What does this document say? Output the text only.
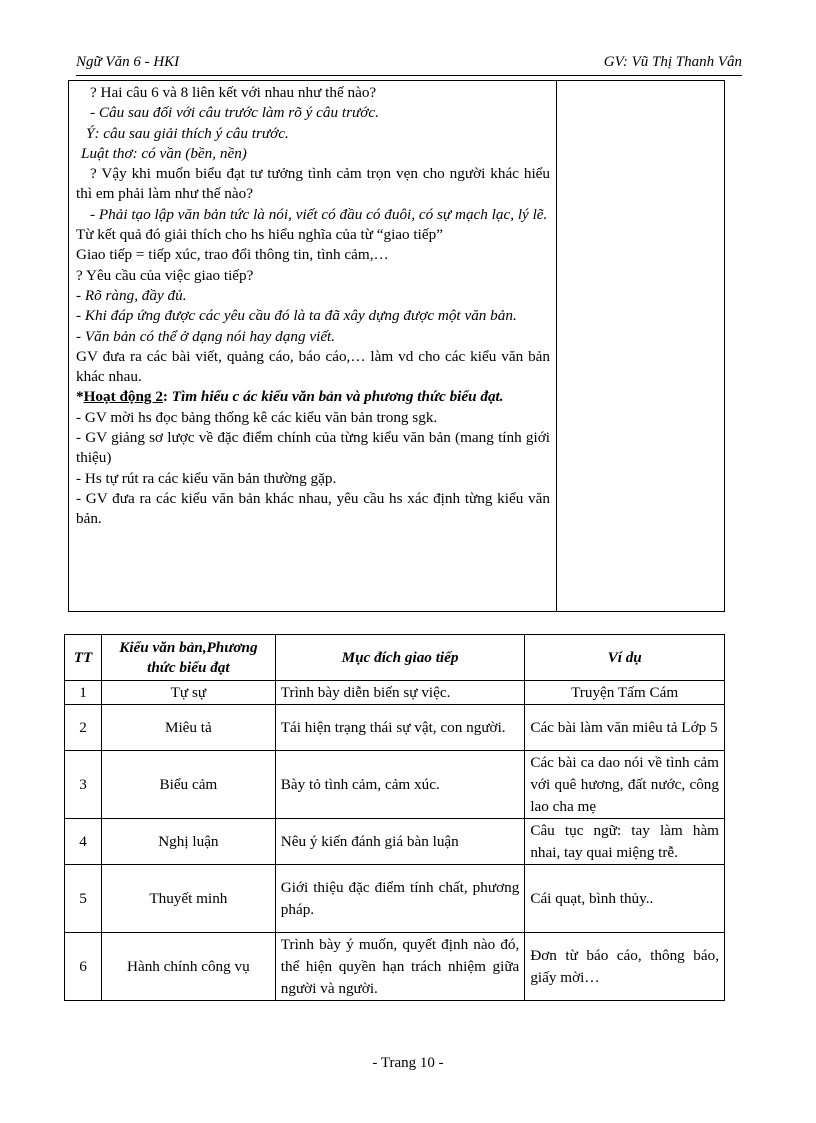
Ngữ Văn 6 - HKI	GV: Vũ Thị Thanh Vân

? Hai câu 6 và 8 liên kết với nhau như thế nào?

- Câu sau đối với câu trước làm rõ ý câu trước.

Ý: câu sau giải thích ý câu trước.

Luật thơ: có vần (bền, nền)

? Vậy khi muốn biểu đạt tư tưởng tình cảm trọn vẹn cho người khác hiểu thì em phải làm như thế nào?

- Phải tạo lập văn bản tức là nói, viết có đầu có đuôi, có sự mạch lạc, lý lẽ.

Từ kết quả đó giải thích cho hs hiểu nghĩa của từ “giao tiếp”

Giao tiếp = tiếp xúc, trao đổi thông tin, tình cảm,…

? Yêu cầu của việc giao tiếp?

- Rõ ràng, đầy đủ.

- Khi đáp ứng được các yêu cầu đó là ta đã xây dựng được một văn bản.

- Văn bản có thể ở dạng nói hay dạng viết.

GV đưa ra các bài viết, quảng cáo, báo cáo,… làm vd cho các kiểu văn bản khác nhau.

*Hoạt động 2: Tìm hiểu c ác kiểu văn bản và phương thức biểu đạt.

- GV mời hs đọc bảng thống kê các kiểu văn bản trong sgk.

- GV giảng sơ lược về đặc điểm chính của từng kiểu văn bản (mang tính giới thiệu)

- Hs tự rút ra các kiểu văn bản thường gặp.

- GV đưa ra các kiểu văn bản khác nhau, yêu cầu hs xác định từng kiểu văn bản.

TT	Kiểu văn bản,Phương thức biểu đạt	Mục đích giao tiếp	Ví dụ
1	Tự sự	Trình bày diễn biến sự việc.	Truyện Tấm Cám
2	Miêu tả	Tái hiện trạng thái sự vật, con người.	Các bài làm văn miêu tả Lớp 5
3	Biểu cảm	Bày tỏ tình cảm, cảm xúc.	Các bài ca dao nói về tình cảm với quê hương, đất nước, công lao cha mẹ
4	Nghị luận	Nêu ý kiến đánh giá bàn luận	Câu tục ngữ: tay làm hàm nhai, tay quai miệng trễ.
5	Thuyết minh	Giới thiệu đặc điểm tính chất, phương pháp.	Cái quạt, bình thủy..
6	Hành chính công vụ	Trình bày ý muốn, quyết định nào đó, thể hiện quyền hạn trách nhiệm giữa người và người.	Đơn từ báo cáo, thông báo, giấy mời…
- Trang 10 -
